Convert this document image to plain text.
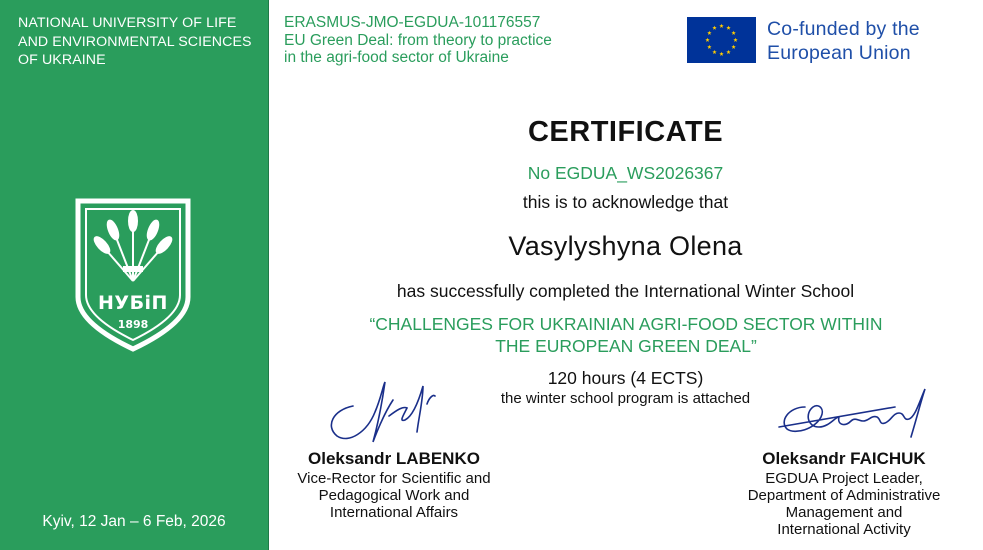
NATIONAL UNIVERSITY OF LIFE
AND ENVIRONMENTAL SCIENCES
OF UKRAINE
НУБіП
1898
Kyiv, 12 Jan – 6 Feb, 2026
ERASMUS-JMO-EGDUA-101176557
EU Green Deal: from theory to practice
in the agri-food sector of Ukraine
Co-funded by the
European Union
CERTIFICATE
No EGDUA_WS2026367
this is to acknowledge that
Vasylyshyna Olena
has successfully completed the International Winter School
“CHALLENGES FOR UKRAINIAN AGRI-FOOD SECTOR WITHIN
THE EUROPEAN GREEN DEAL”
120 hours (4 ECTS)
the winter school program is attached
Oleksandr LABENKO
Vice-Rector for Scientific and
Pedagogical Work and
International Affairs
Oleksandr FAICHUK
EGDUA Project Leader,
Department of Administrative
Management and
International Activity
